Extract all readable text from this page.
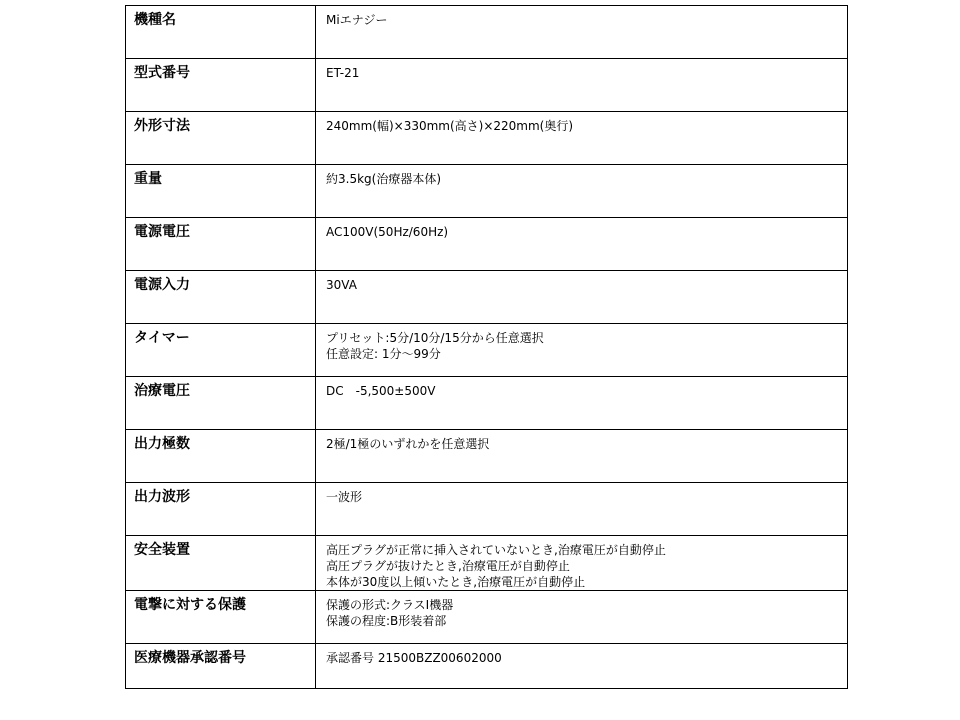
機種名	Miエナジー

型式番号	ET-21

外形寸法	240mm(幅)×330mm(高さ)×220mm(奥行)

重量	約3.5kg(治療器本体)

電源電圧	AC100V(50Hz/60Hz)

電源入力	30VA

タイマー	プリセット:5分/10分/15分から任意選択
任意設定: 1分～99分

治療電圧	DC　-5,500±500V

出力極数	2極/1極のいずれかを任意選択

出力波形	一波形

安全装置	高圧プラグが正常に挿入されていないとき,治療電圧が自動停止
高圧プラグが抜けたとき,治療電圧が自動停止
本体が30度以上傾いたとき,治療電圧が自動停止

電撃に対する保護	保護の形式:クラスⅠ機器
保護の程度:B形装着部

医療機器承認番号	承認番号 21500BZZ00602000
